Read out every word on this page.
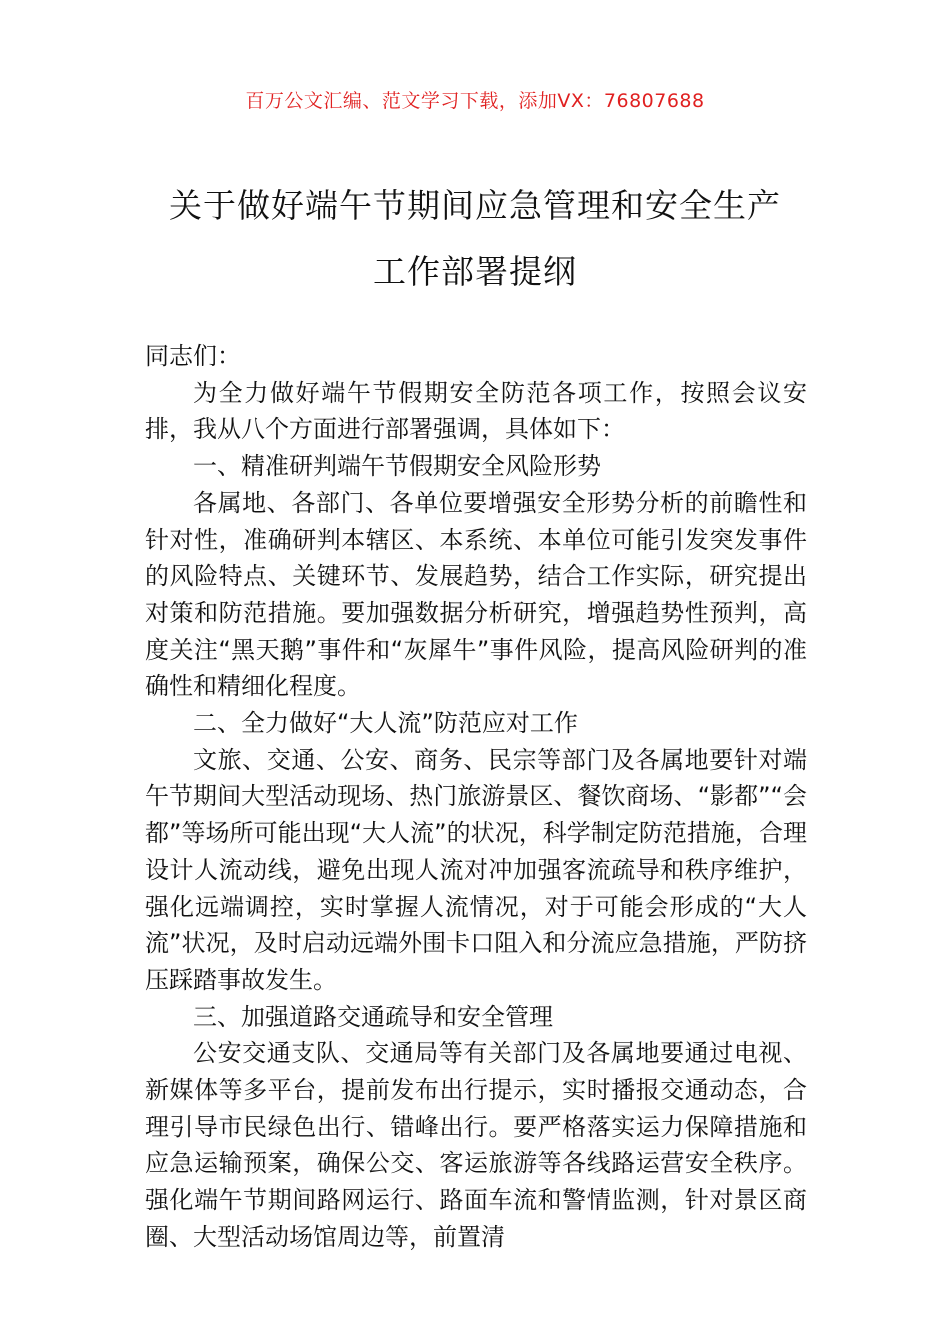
百万公文汇编、范文学习下载，添加VX：76807688
关于做好端午节期间应急管理和安全生产
工作部署提纲

同志们：

为全力做好端午节假期安全防范各项工作，按照会议安排，我从八个方面进行部署强调，具体如下：

一、精准研判端午节假期安全风险形势

各属地、各部门、各单位要增强安全形势分析的前瞻性和针对性，准确研判本辖区、本系统、本单位可能引发突发事件的风险特点、关键环节、发展趋势，结合工作实际，研究提出对策和防范措施。要加强数据分析研究，增强趋势性预判，高度关注“黑天鹅”事件和“灰犀牛”事件风险，提高风险研判的准确性和精细化程度。

二、全力做好“大人流”防范应对工作

文旅、交通、公安、商务、民宗等部门及各属地要针对端午节期间大型活动现场、热门旅游景区、餐饮商场、“影都”“会都”等场所可能出现“大人流”的状况，科学制定防范措施，合理设计人流动线，避免出现人流对冲加强客流疏导和秩序维护，强化远端调控，实时掌握人流情况，对于可能会形成的“大人流”状况，及时启动远端外围卡口阻入和分流应急措施，严防挤压踩踏事故发生。

三、加强道路交通疏导和安全管理

公安交通支队、交通局等有关部门及各属地要通过电视、新媒体等多平台，提前发布出行提示，实时播报交通动态，合理引导市民绿色出行、错峰出行。要严格落实运力保障措施和应急运输预案，确保公交、客运旅游等各线路运营安全秩序。强化端午节期间路网运行、路面车流和警情监测，针对景区商圈、大型活动场馆周边等，前置清
